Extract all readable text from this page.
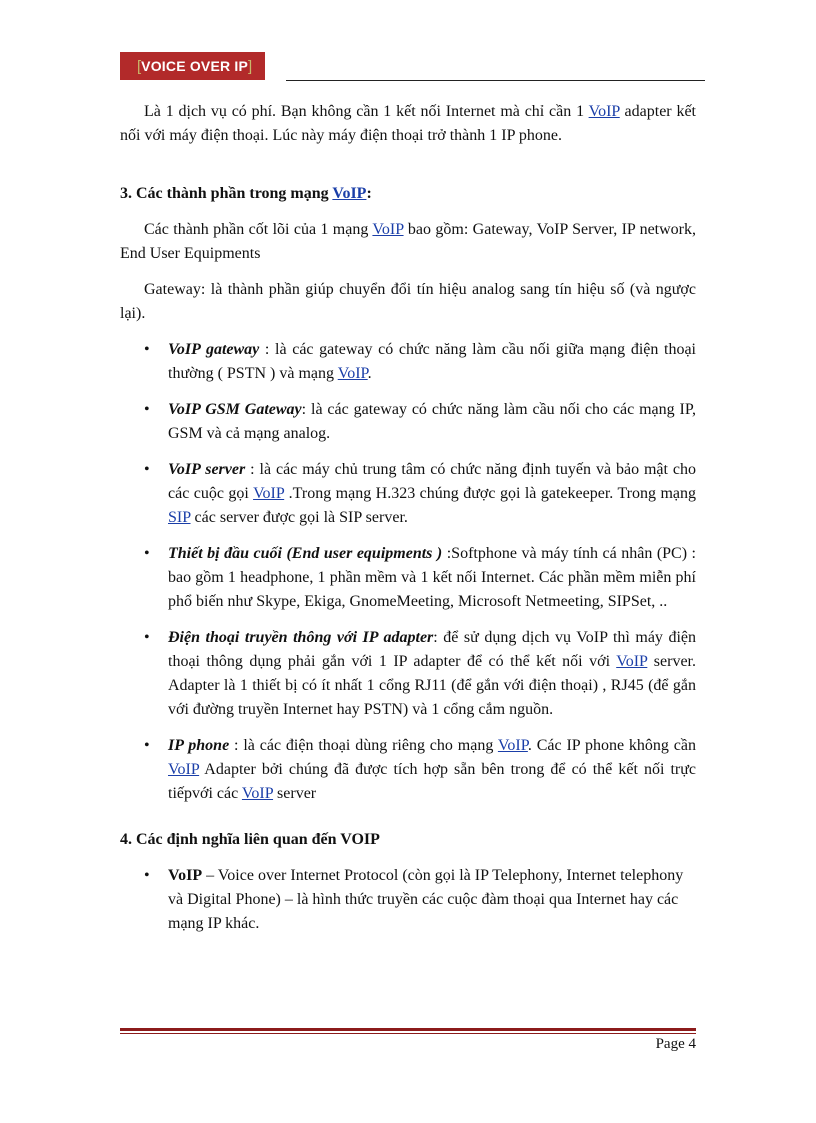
[ VOICE OVER IP ]

Là 1 dịch vụ có phí. Bạn không cần 1 kết nối Internet mà chỉ cần 1 VoIP adapter kết nối với máy điện thoại. Lúc này máy điện thoại trở thành 1 IP phone.

3. Các thành phần trong mạng VoIP:

Các thành phần cốt lõi của 1 mạng VoIP bao gồm: Gateway, VoIP Server, IP network, End User Equipments

Gateway: là thành phần giúp chuyển đổi tín hiệu analog sang tín hiệu số (và ngược lại).

•	VoIP gateway : là các gateway có chức năng làm cầu nối giữa mạng điện thoại thường ( PSTN ) và mạng VoIP.
•	VoIP GSM Gateway: là các gateway có chức năng làm cầu nối cho các mạng IP, GSM và cả mạng analog.
•	VoIP server : là các máy chủ trung tâm có chức năng định tuyến và bảo mật cho các cuộc gọi VoIP .Trong mạng H.323 chúng được gọi là gatekeeper. Trong mạng SIP các server được gọi là SIP server.
•	Thiết bị đầu cuối (End user equipments ) :Softphone và máy tính cá nhân (PC) : bao gồm 1 headphone, 1 phần mềm và 1 kết nối Internet. Các phần mềm miễn phí phổ biến như Skype, Ekiga, GnomeMeeting, Microsoft Netmeeting, SIPSet, ..
•	Điện thoại truyền thông với IP adapter: để sử dụng dịch vụ VoIP thì máy điện thoại thông dụng phải gắn với 1 IP adapter để có thể kết nối với VoIP server. Adapter là 1 thiết bị có ít nhất 1 cổng RJ11 (để gắn với điện thoại) , RJ45 (để gắn với đường truyền Internet hay PSTN) và 1 cổng cắm nguồn.
•	IP phone : là các điện thoại dùng riêng cho mạng VoIP. Các IP phone không cần VoIP Adapter bởi chúng đã được tích hợp sẵn bên trong để có thể kết nối trực tiếpvới các VoIP server
4. Các định nghĩa liên quan đến VOIP
•	VoIP – Voice over Internet Protocol (còn gọi là IP Telephony, Internet telephony và Digital Phone) – là hình thức truyền các cuộc đàm thoại qua Internet hay các mạng IP khác.
Page 4
